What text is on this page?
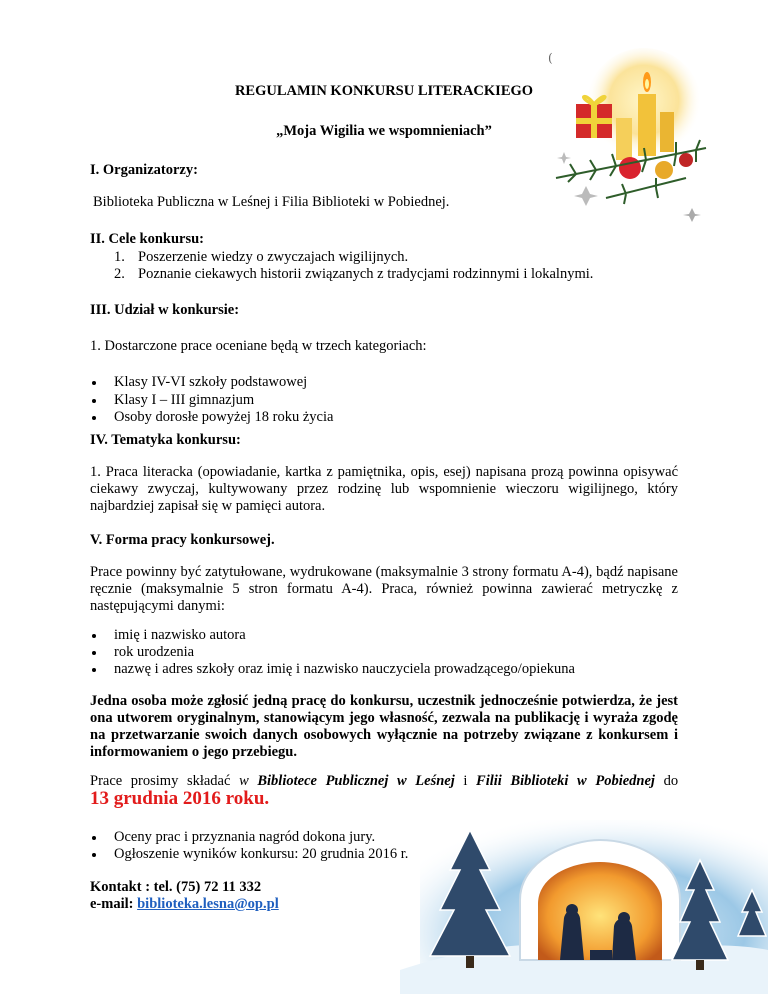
(
REGULAMIN KONKURSU LITERACKIEGO
„Moja Wigilia we wspomnieniach”
I. Organizatorzy:
Biblioteka Publiczna w Leśnej i Filia Biblioteki w Pobiednej.
II. Cele konkursu:
1. Poszerzenie wiedzy o zwyczajach wigilijnych.
2. Poznanie ciekawych historii związanych z tradycjami rodzinnymi i lokalnymi.
III. Udział w konkursie:
1. Dostarczone prace oceniane będą w trzech kategoriach:
Klasy IV-VI szkoły podstawowej
Klasy I – III gimnazjum
Osoby dorosłe powyżej 18 roku życia
IV. Tematyka konkursu:
1. Praca literacka (opowiadanie, kartka z pamiętnika, opis, esej) napisana prozą powinna opisywać ciekawy zwyczaj, kultywowany przez rodzinę lub wspomnienie wieczoru wigilijnego, który najbardziej zapisał się w pamięci autora.
V. Forma pracy konkursowej.
Prace powinny być zatytułowane, wydrukowane (maksymalnie 3 strony formatu A-4), bądź napisane ręcznie (maksymalnie 5 stron formatu A-4). Praca, również powinna zawierać metryczkę z następującymi danymi:
imię i nazwisko autora
rok urodzenia
nazwę i adres szkoły oraz imię i nazwisko nauczyciela prowadzącego/opiekuna
Jedna osoba może zgłosić jedną pracę do konkursu, uczestnik jednocześnie potwierdza, że jest ona utworem oryginalnym, stanowiącym jego własność, zezwala na publikację i wyraża zgodę na przetwarzanie swoich danych osobowych wyłącznie na potrzeby związane z konkursem i informowaniem o jego przebiegu.
Prace prosimy składać w Bibliotece Publicznej w Leśnej i Filii Biblioteki w Pobiednej do
13 grudnia 2016 roku.
Oceny prac i przyznania nagród dokona jury.
Ogłoszenie wyników konkursu: 20 grudnia 2016 r.
Kontakt : tel. (75) 72 11 332
e-mail: biblioteka.lesna@op.pl
